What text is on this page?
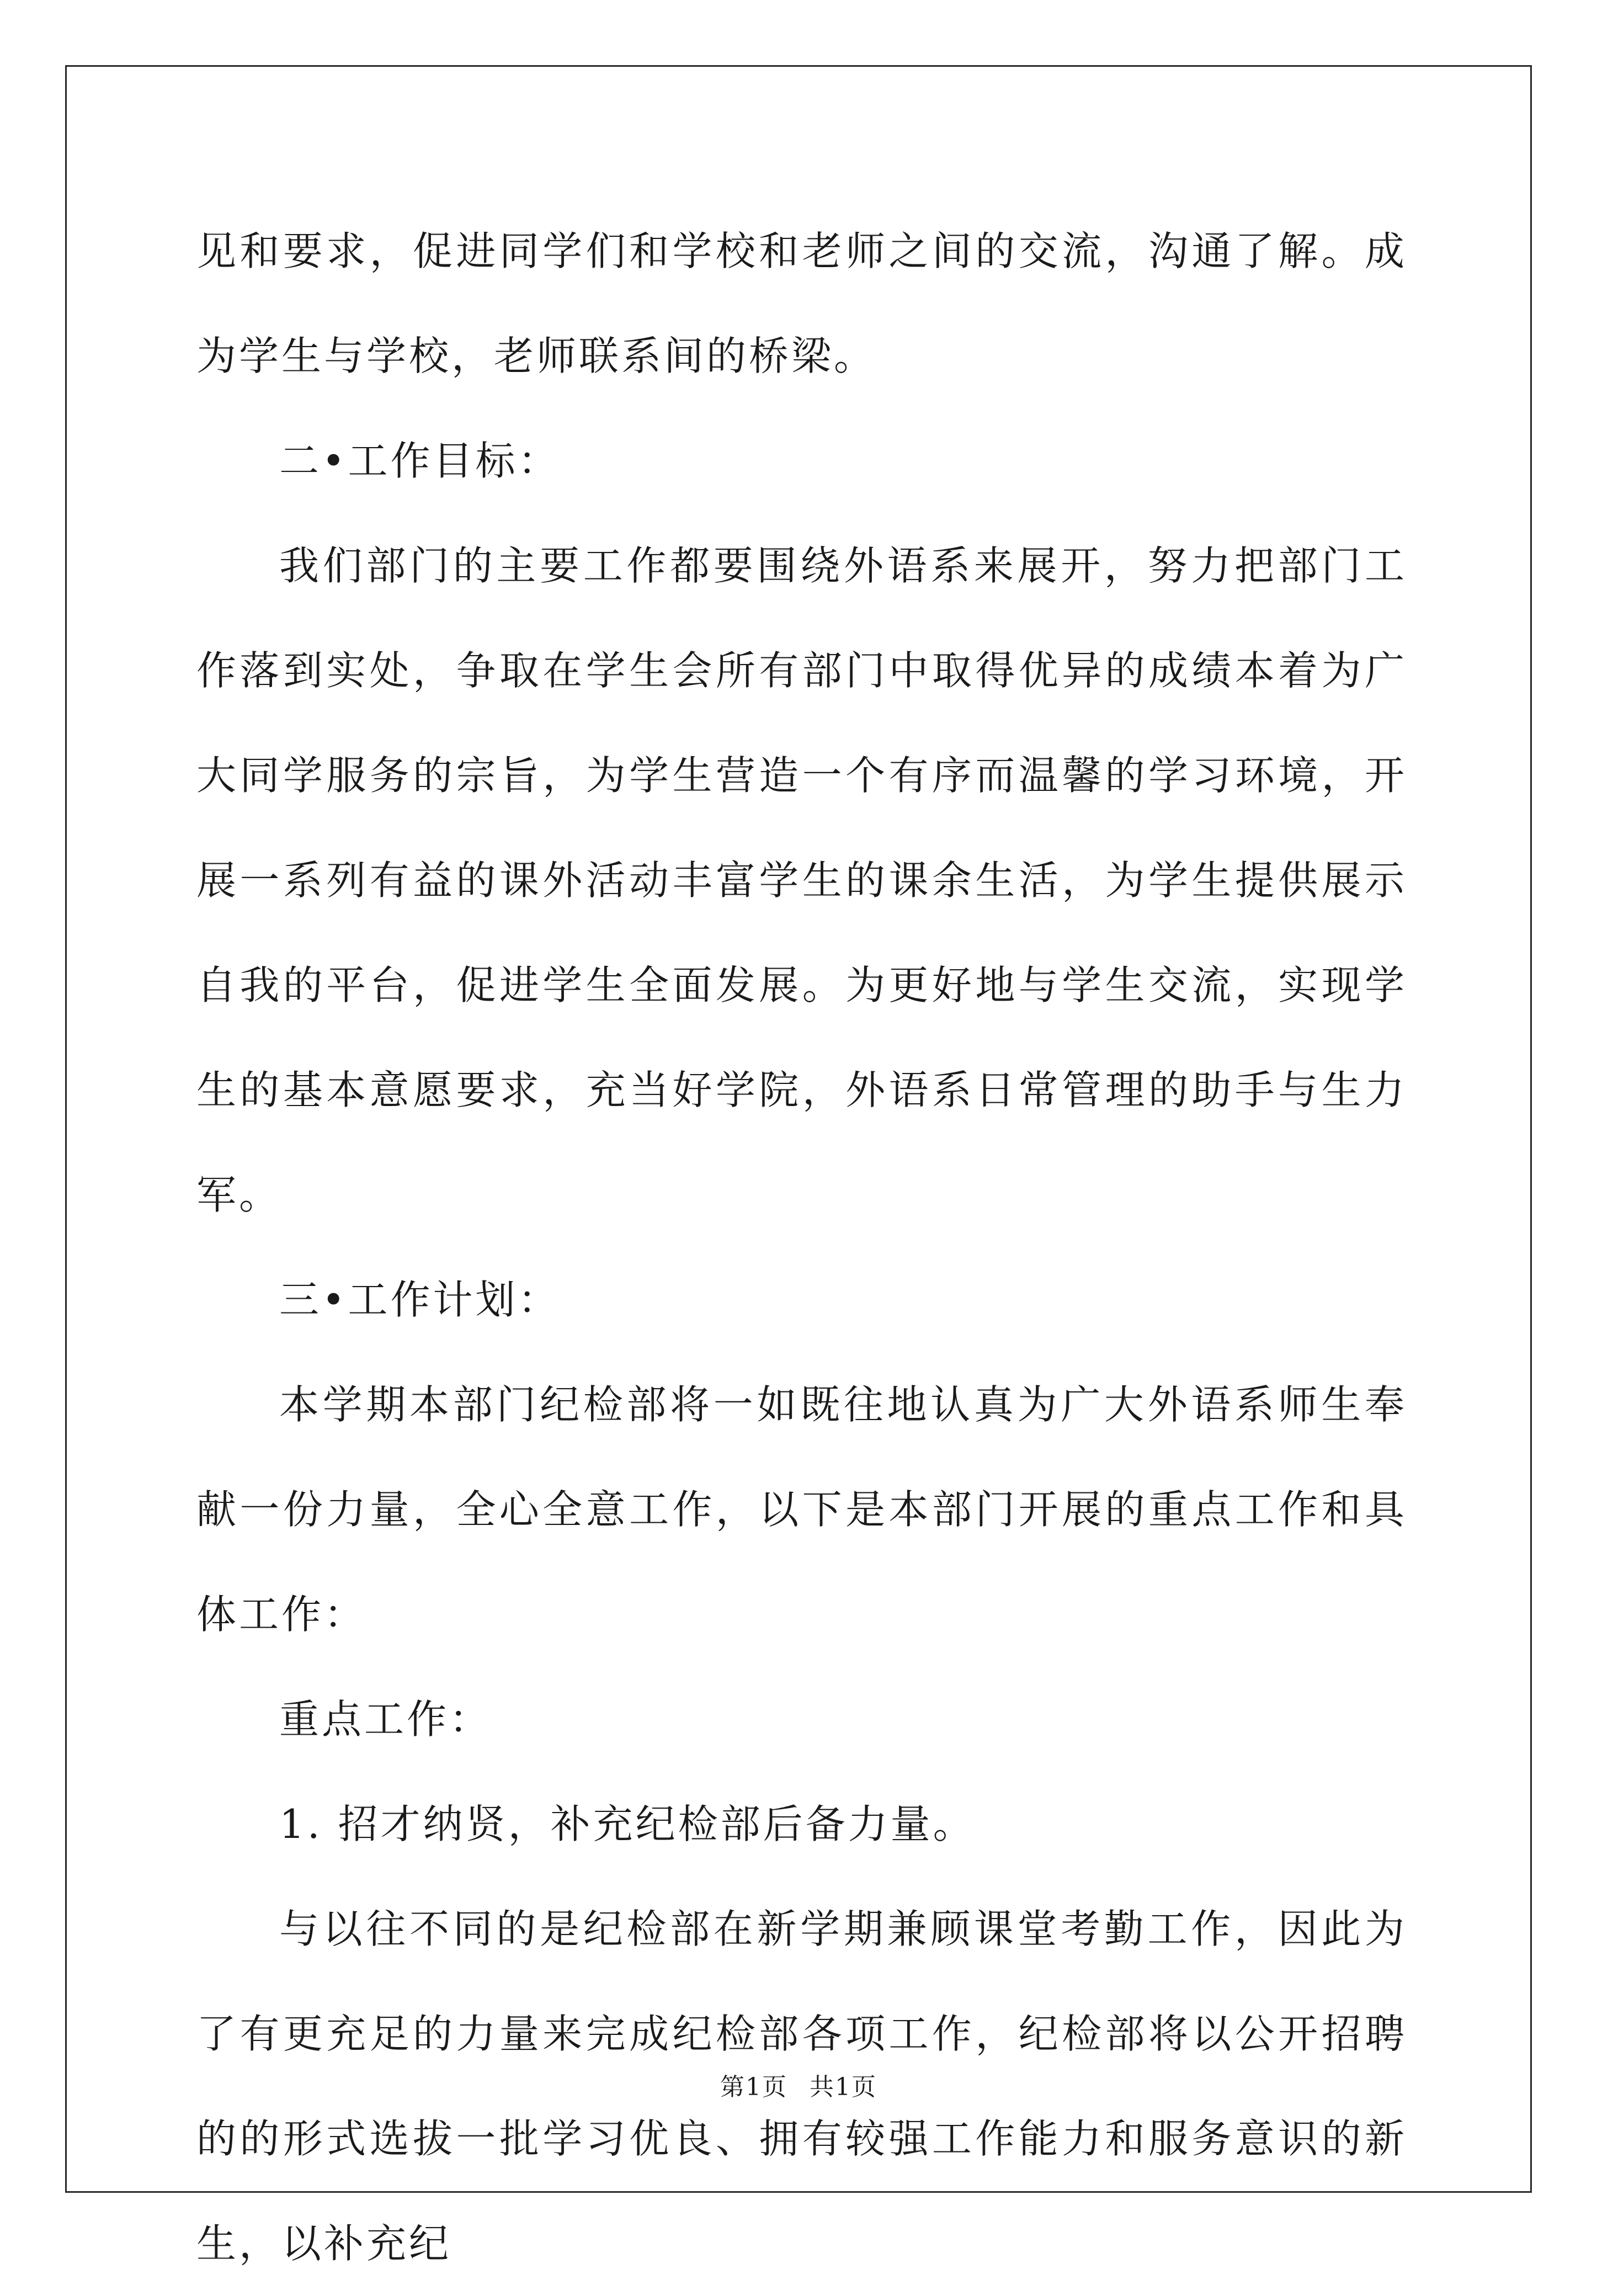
见和要求，促进同学们和学校和老师之间的交流，沟通了解。成为学生与学校，老师联系间的桥梁。

二•工作目标：

我们部门的主要工作都要围绕外语系来展开，努力把部门工作落到实处，争取在学生会所有部门中取得优异的成绩本着为广大同学服务的宗旨，为学生营造一个有序而温馨的学习环境，开展一系列有益的课外活动丰富学生的课余生活，为学生提供展示自我的平台，促进学生全面发展。为更好地与学生交流，实现学生的基本意愿要求，充当好学院，外语系日常管理的助手与生力军。

三•工作计划：

本学期本部门纪检部将一如既往地认真为广大外语系师生奉献一份力量，全心全意工作，以下是本部门开展的重点工作和具体工作：

重点工作：

1. 招才纳贤，补充纪检部后备力量。

与以往不同的是纪检部在新学期兼顾课堂考勤工作，因此为了有更充足的力量来完成纪检部各项工作，纪检部将以公开招聘的的形式选拔一批学习优良、拥有较强工作能力和服务意识的新生，以补充纪

第1页 共1页
